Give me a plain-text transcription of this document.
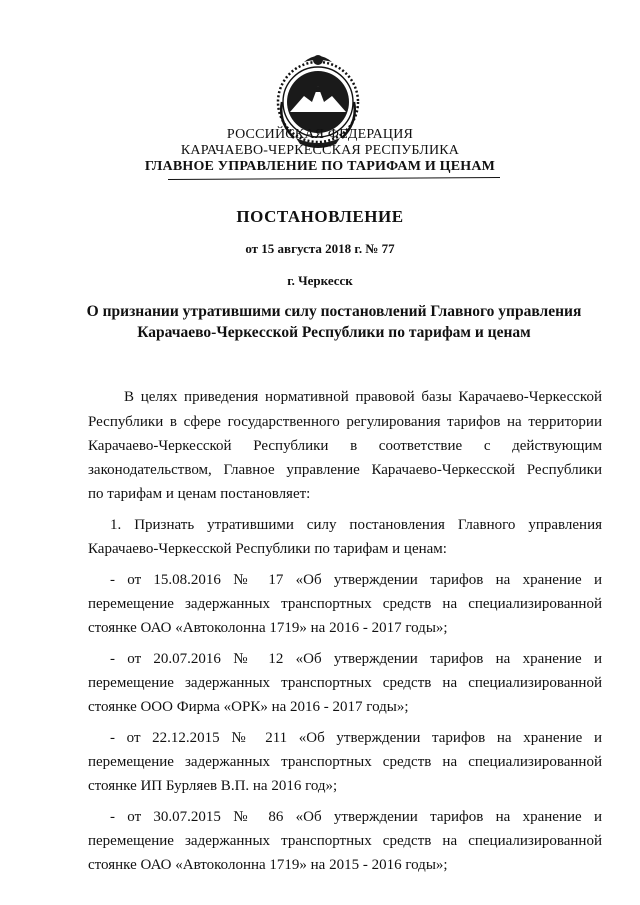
РОССИЙСКАЯ ФЕДЕРАЦИЯ
КАРАЧАЕВО-ЧЕРКЕССКАЯ РЕСПУБЛИКА
ГЛАВНОЕ УПРАВЛЕНИЕ ПО ТАРИФАМ И ЦЕНАМ
ПОСТАНОВЛЕНИЕ
от 15 августа 2018 г. № 77
г. Черкесск
О признании утратившими силу постановлений Главного управления
Карачаево-Черкесской Республики по тарифам и ценам
В целях приведения нормативной правовой базы Карачаево-Черкесской
Республики в сфере государственного регулирования тарифов на территории
Карачаево-Черкесской Республики в соответствие с действующим
законодательством, Главное управление Карачаево-Черкесской Республики
по тарифам и ценам постановляет:
1. Признать утратившими силу постановления Главного управления
Карачаево-Черкесской Республики по тарифам и ценам:
- от 15.08.2016 № 17 «Об утверждении тарифов на хранение и
перемещение задержанных транспортных средств на специализированной
стоянке ОАО «Автоколонна 1719» на 2016 - 2017 годы»;
- от 20.07.2016 № 12 «Об утверждении тарифов на хранение и
перемещение задержанных транспортных средств на специализированной
стоянке ООО Фирма «ОРК» на 2016 - 2017 годы»;
- от 22.12.2015 № 211 «Об утверждении тарифов на хранение и
перемещение задержанных транспортных средств на специализированной
стоянке ИП Бурляев В.П. на 2016 год»;
- от 30.07.2015 № 86 «Об утверждении тарифов на хранение и
перемещение задержанных транспортных средств на специализированной
стоянке ОАО «Автоколонна 1719» на 2015 - 2016 годы»;
